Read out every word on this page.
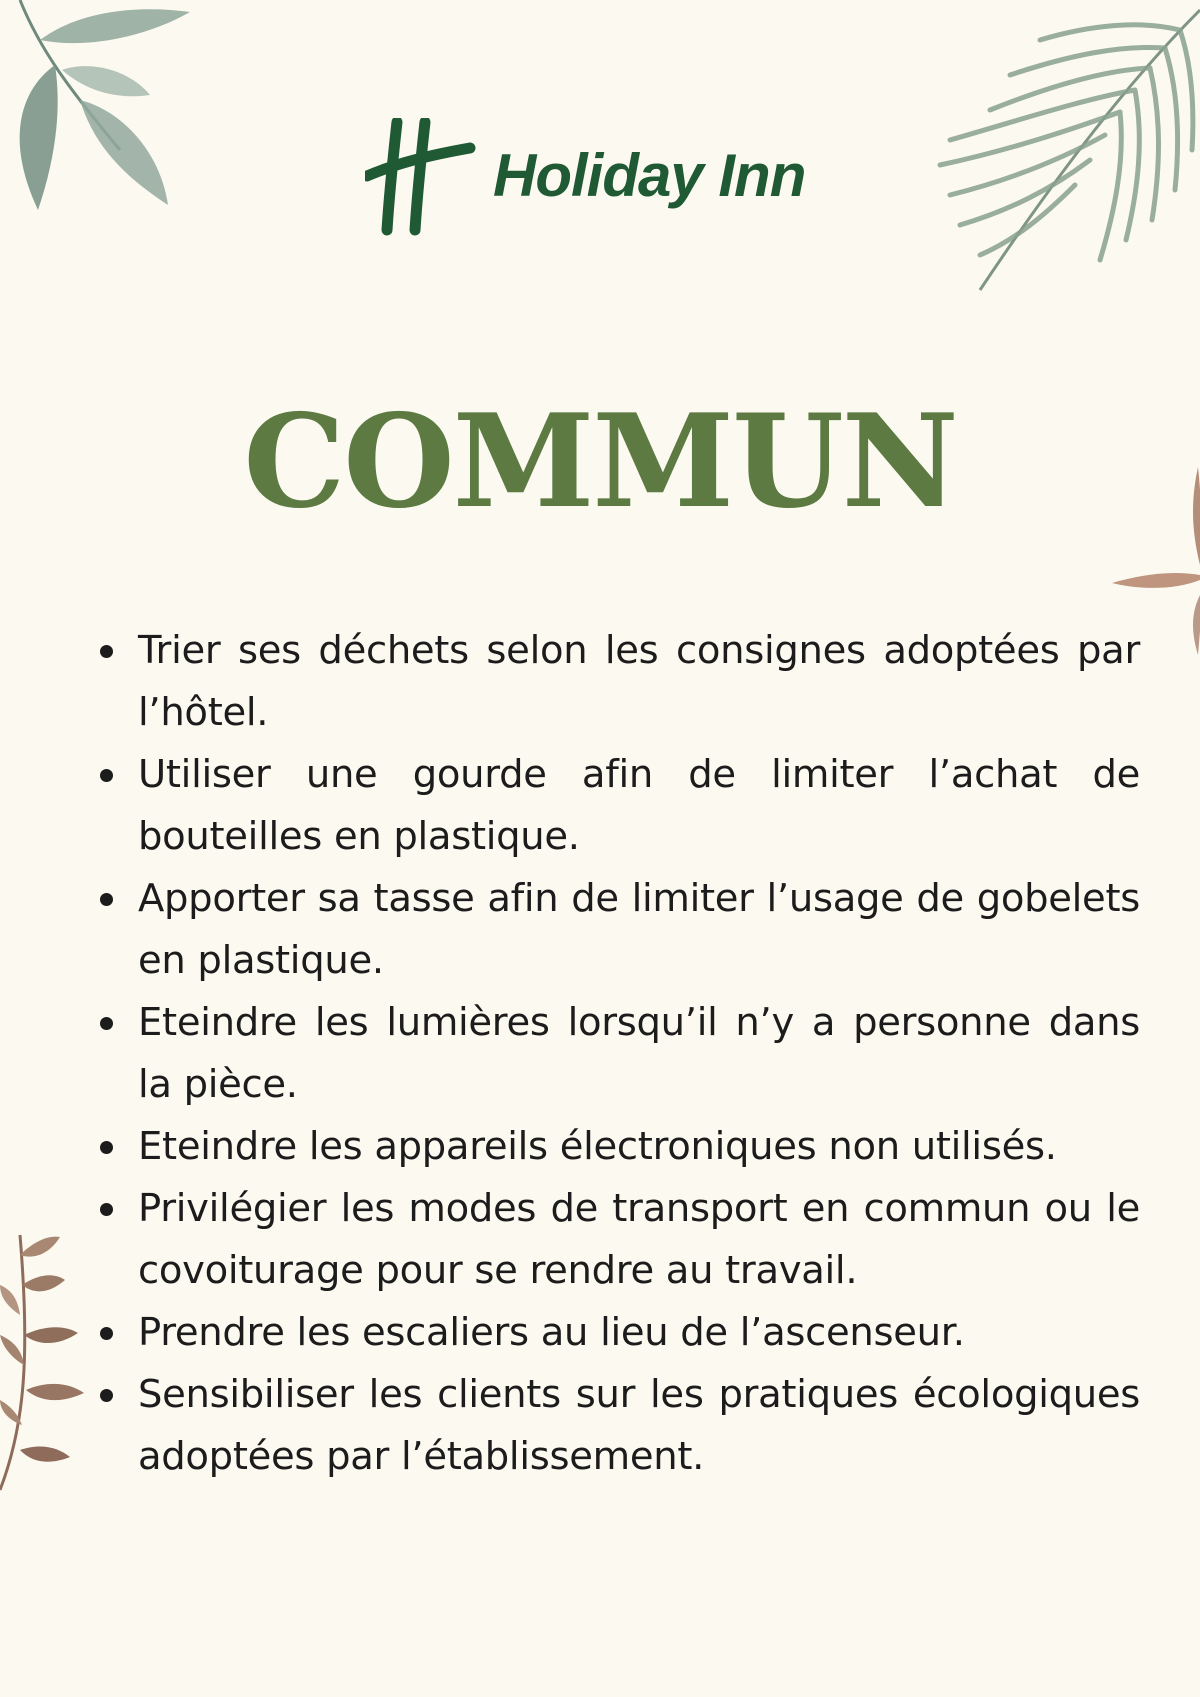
Holiday Inn
COMMUN
Trier ses déchets selon les consignes adoptées par l’hôtel.
Utiliser une gourde afin de limiter l’achat de bouteilles en plastique.
Apporter sa tasse afin de limiter l’usage de gobelets en plastique.
Eteindre les lumières lorsqu’il n’y a personne dans la pièce.
Eteindre les appareils électroniques non utilisés.
Privilégier les modes de transport en commun ou le covoiturage pour se rendre au travail.
Prendre les escaliers au lieu de l’ascenseur.
Sensibiliser les clients sur les pratiques écologiques adoptées par l’établissement.
